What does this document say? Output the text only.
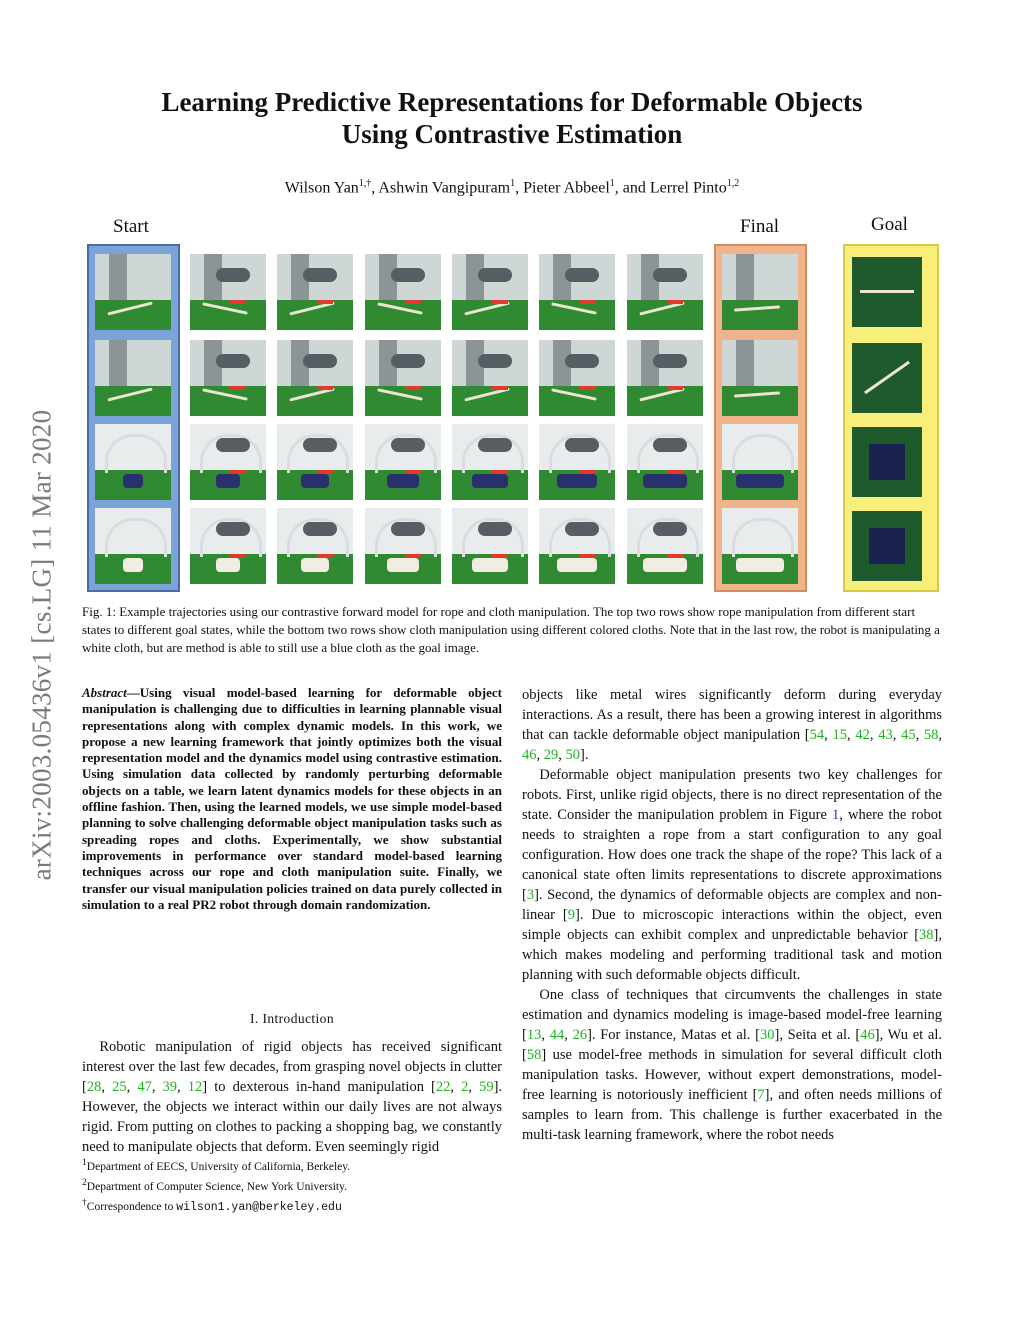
arXiv:2003.05436v1 [cs.LG] 11 Mar 2020
Learning Predictive Representations for Deformable Objects
Using Contrastive Estimation
Wilson Yan$^{1,\dagger}$, Ashwin Vangipuram$^1$, Pieter Abbeel$^1$, and Lerrel Pinto$^{1,2}$
Start	Final	Goal
Fig. 1: Example trajectories using our contrastive forward model for rope and cloth manipulation. The top two rows show rope manipulation from different start states to different goal states, while the bottom two rows show cloth manipulation using different colored cloths. Note that in the last row, the robot is manipulating a white cloth, but are method is able to still use a blue cloth as the goal image.
Abstract—Using visual model-based learning for deformable object manipulation is challenging due to difficulties in learning plannable visual representations along with complex dynamic models. In this work, we propose a new learning framework that jointly optimizes both the visual representation model and the dynamics model using contrastive estimation. Using simulation data collected by randomly perturbing deformable objects on a table, we learn latent dynamics models for these objects in an offline fashion. Then, using the learned models, we use simple model-based planning to solve challenging deformable object manipulation tasks such as spreading ropes and cloths. Experimentally, we show substantial improvements in performance over standard model-based learning techniques across our rope and cloth manipulation suite. Finally, we transfer our visual manipulation policies trained on data purely collected in simulation to a real PR2 robot through domain randomization.
I. Introduction

Robotic manipulation of rigid objects has received significant interest over the last few decades, from grasping novel objects in clutter [28, 25, 47, 39, 12] to dexterous in-hand manipulation [22, 2, 59]. However, the objects we interact within our daily lives are not always rigid. From putting on clothes to packing a shopping bag, we constantly need to manipulate objects that deform. Even seemingly rigid

$^1$Department of EECS, University of California, Berkeley.
$^2$Department of Computer Science, New York University.
†Correspondence to wilson1.yan@berkeley.edu

objects like metal wires significantly deform during everyday interactions. As a result, there has been a growing interest in algorithms that can tackle deformable object manipulation [54, 15, 42, 43, 45, 58, 46, 29, 50].

Deformable object manipulation presents two key challenges for robots. First, unlike rigid objects, there is no direct representation of the state. Consider the manipulation problem in Figure 1, where the robot needs to straighten a rope from a start configuration to any goal configuration. How does one track the shape of the rope? This lack of a canonical state often limits representations to discrete approximations [3]. Second, the dynamics of deformable objects are complex and non-linear [9]. Due to microscopic interactions within the object, even simple objects can exhibit complex and unpredictable behavior [38], which makes modeling and performing traditional task and motion planning with such deformable objects difficult.

One class of techniques that circumvents the challenges in state estimation and dynamics modeling is image-based model-free learning [13, 44, 26]. For instance, Matas et al. [30], Seita et al. [46], Wu et al. [58] use model-free methods in simulation for several difficult cloth manipulation tasks. However, without expert demonstrations, model-free learning is notoriously inefficient [7], and often needs millions of samples to learn from. This challenge is further exacerbated in the multi-task learning framework, where the robot needs
